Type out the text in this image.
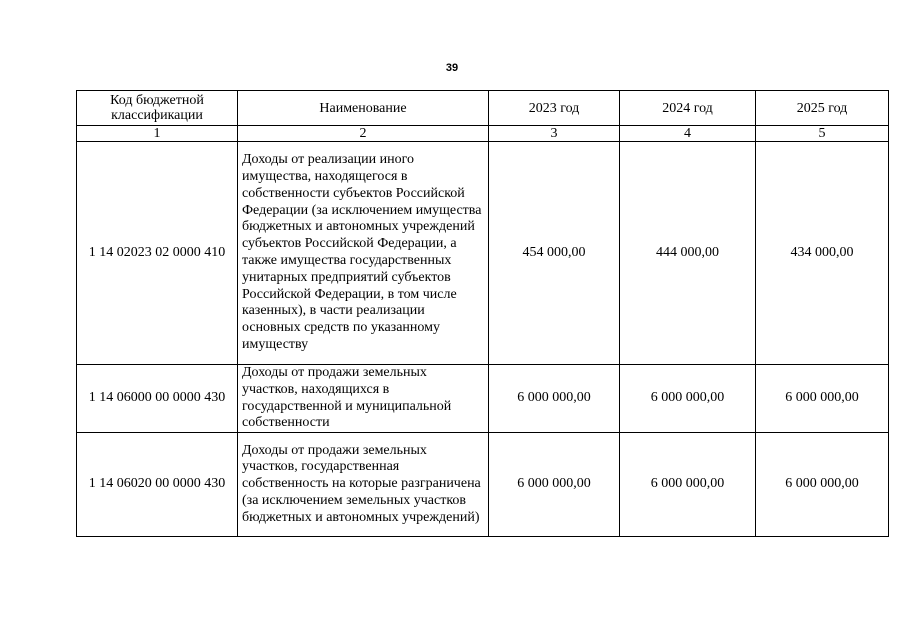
39
Код бюджетной классификации	Наименование	2023 год	2024 год	2025 год
1	2	3	4	5
1 14 02023 02 0000 410	Доходы от реализации иного имущества, находящегося в собственности субъектов Российской Федерации (за исключением имущества бюджетных и автономных учреждений субъектов Российской Федерации, а также имущества государственных унитарных предприятий субъектов Российской Федерации, в том числе казенных), в части реализации основных средств по указанному имуществу	454 000,00	444 000,00	434 000,00
1 14 06000 00 0000 430	Доходы от продажи земельных участков, находящихся в государственной и муниципальной собственности	6 000 000,00	6 000 000,00	6 000 000,00
1 14 06020 00 0000 430	Доходы от продажи земельных участков, государственная собственность на которые разграничена (за исключением земельных участков бюджетных и автономных учреждений)	6 000 000,00	6 000 000,00	6 000 000,00
